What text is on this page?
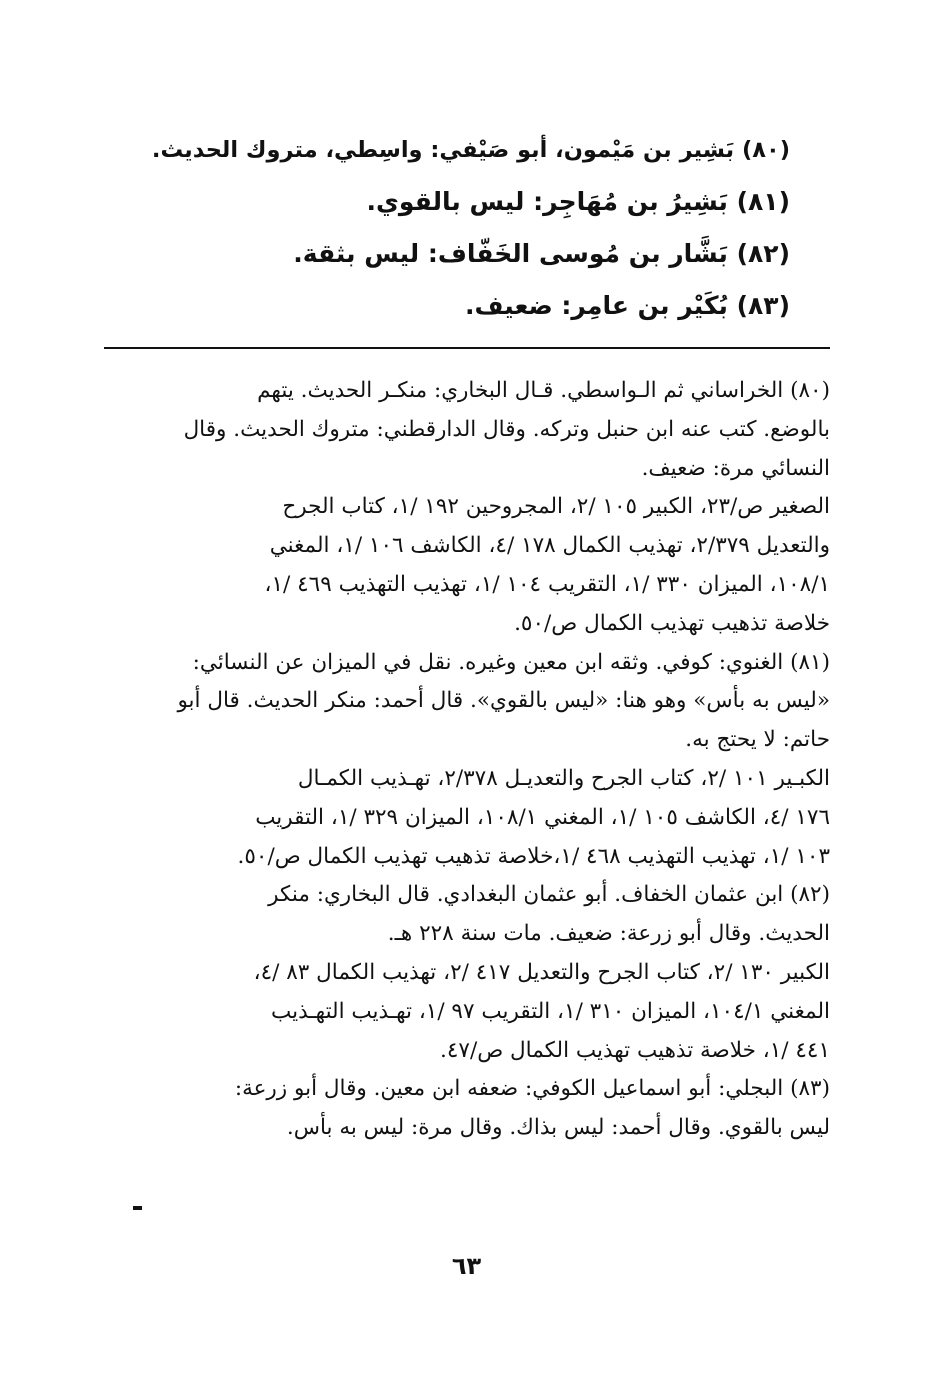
(٨٠) بَشِير بن مَيْمون، أبو صَيْفي: واسِطي، متروك الحديث.
(٨١) بَشِيرُ بن مُهَاجِر: ليس بالقوي.
(٨٢) بَشَّار بن مُوسى الخَفّاف: ليس بثقة.
(٨٣) بُكَيْر بن عامِر: ضعيف.
(٨٠) الخراساني ثم الـواسطي. قـال البخاري: منكـر الحديث. يتهم
بالوضع. كتب عنه ابن حنبل وتركه. وقال الدارقطني: متروك الحديث. وقال
النسائي مرة: ضعيف.
الصغير ص/٢٣، الكبير ١٠٥ /٢، المجروحين ١٩٢ /١، كتاب الجرح
والتعديل ٢/٣٧٩، تهذيب الكمال ١٧٨ /٤، الكاشف ١٠٦ /١، المغني
١٠٨/١، الميزان ٣٣٠ /١، التقريب ١٠٤ /١، تهذيب التهذيب ٤٦٩ /١،
خلاصة تذهيب تهذيب الكمال ص/٥٠.
(٨١) الغنوي: كوفي. وثقه ابن معين وغيره. نقل في الميزان عن النسائي:
«ليس به بأس» وهو هنا: «ليس بالقوي». قال أحمد: منكر الحديث. قال أبو
حاتم: لا يحتج به.
الكبـير ١٠١ /٢، كتاب الجرح والتعديـل ٢/٣٧٨، تهـذيب الكمـال
١٧٦ /٤، الكاشف ١٠٥ /١، المغني ١٠٨/١، الميزان ٣٢٩ /١، التقريب
١٠٣ /١، تهذيب التهذيب ٤٦٨ /١،خلاصة تذهيب تهذيب الكمال ص/٥٠.
(٨٢) ابن عثمان الخفاف. أبو عثمان البغدادي. قال البخاري: منكر
الحديث. وقال أبو زرعة: ضعيف. مات سنة ٢٢٨ هـ.
الكبير ١٣٠ /٢، كتاب الجرح والتعديل ٤١٧ /٢، تهذيب الكمال ٨٣ /٤،
المغني ١٠٤/١، الميزان ٣١٠ /١، التقريب ٩٧ /١، تهـذيب التهـذيب
٤٤١ /١، خلاصة تذهيب تهذيب الكمال ص/٤٧.
(٨٣) البجلي: أبو اسماعيل الكوفي: ضعفه ابن معين. وقال أبو زرعة:
ليس بالقوي. وقال أحمد: ليس بذاك. وقال مرة: ليس به بأس.
٦٣
